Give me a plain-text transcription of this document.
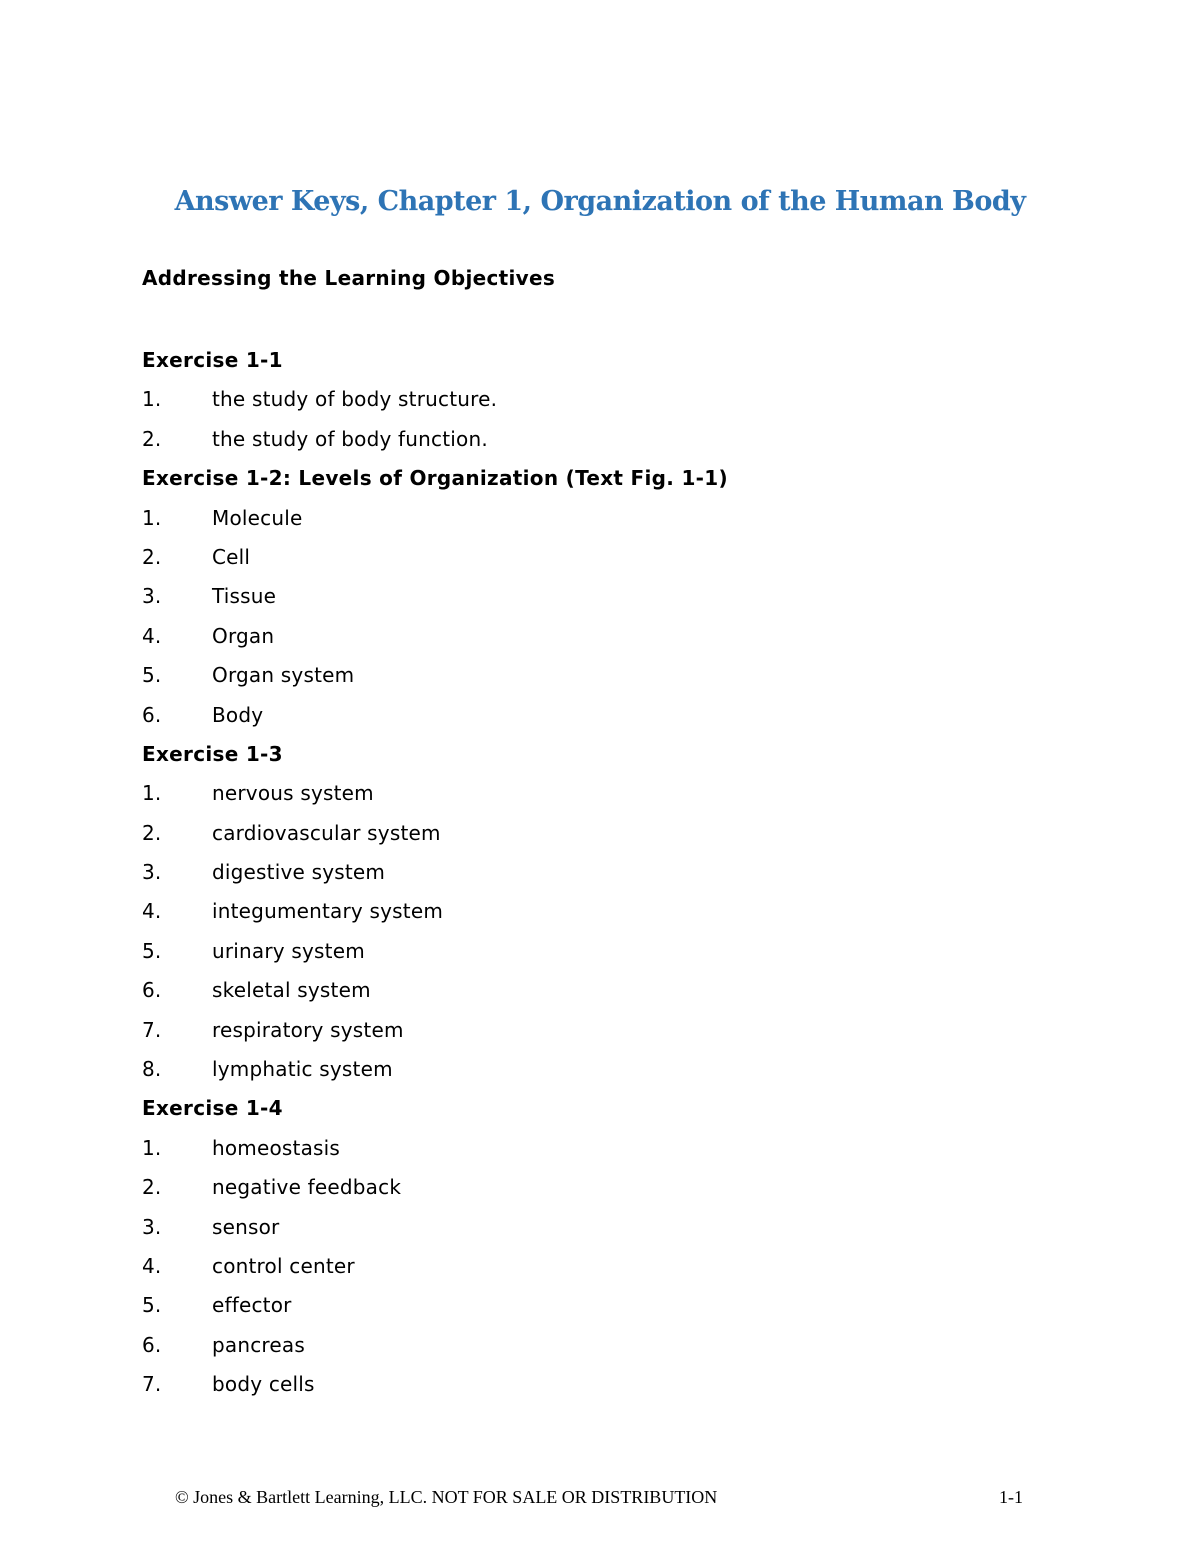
Answer Keys, Chapter 1, Organization of the Human Body
Addressing the Learning Objectives
Exercise 1-1
1.	the study of body structure.
2.	the study of body function.
Exercise 1-2: Levels of Organization (Text Fig. 1-1)
1.	Molecule
2.	Cell
3.	Tissue
4.	Organ
5.	Organ system
6.	Body
Exercise 1-3
1.	nervous system
2.	cardiovascular system
3.	digestive system
4.	integumentary system
5.	urinary system
6.	skeletal system
7.	respiratory system
8.	lymphatic system
Exercise 1-4
1.	homeostasis
2.	negative feedback
3.	sensor
4.	control center
5.	effector
6.	pancreas
7.	body cells
© Jones & Bartlett Learning, LLC. NOT FOR SALE OR DISTRIBUTION	1-1
